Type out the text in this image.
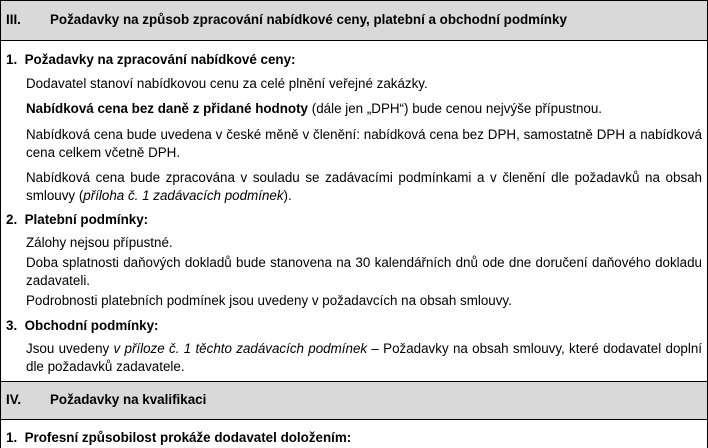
III. Požadavky na způsob zpracování nabídkové ceny, platební a obchodní podmínky
1.  Požadavky na zpracování nabídkové ceny:
Dodavatel stanoví nabídkovou cenu za celé plnění veřejné zakázky.
Nabídková cena bez daně z přidané hodnoty (dále jen „DPH“) bude cenou nejvýše přípustnou.
Nabídková cena bude uvedena v české měně v členění: nabídková cena bez DPH, samostatně DPH a nabídková cena celkem včetně DPH.
Nabídková cena bude zpracována v souladu se zadávacími podmínkami a v členění dle požadavků na obsah smlouvy (příloha č. 1 zadávacích podmínek).
2.  Platební podmínky:
Zálohy nejsou přípustné.
Doba splatnosti daňových dokladů bude stanovena na 30 kalendářních dnů ode dne doručení daňového dokladu zadavateli.
Podrobnosti platebních podmínek jsou uvedeny v požadavcích na obsah smlouvy.
3.  Obchodní podmínky:
Jsou uvedeny v příloze č. 1 těchto zadávacích podmínek – Požadavky na obsah smlouvy, které dodavatel doplní dle požadavků zadavatele.
IV. Požadavky na kvalifikaci
1.  Profesní způsobilost prokáže dodavatel doložením:
